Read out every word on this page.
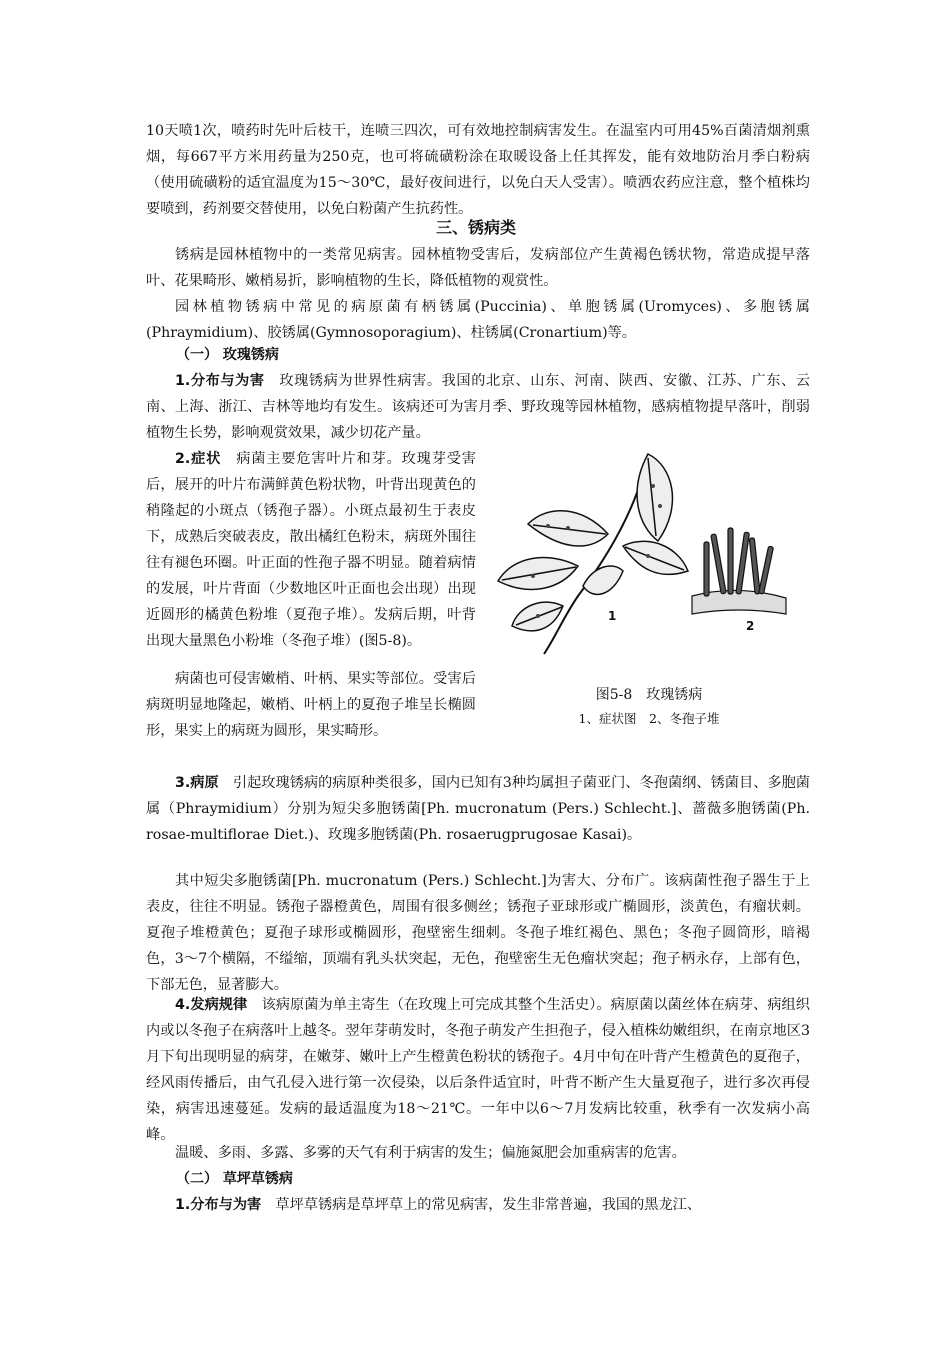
10天喷1次，喷药时先叶后枝干，连喷三四次，可有效地控制病害发生。在温室内可用45%百菌清烟剂熏烟，每667平方米用药量为250克，也可将硫磺粉涂在取暖设备上任其挥发，能有效地防治月季白粉病（使用硫磺粉的适宜温度为15～30℃，最好夜间进行，以免白天人受害）。喷洒农药应注意，整个植株均要喷到，药剂要交替使用，以免白粉菌产生抗药性。

三、锈病类

锈病是园林植物中的一类常见病害。园林植物受害后，发病部位产生黄褐色锈状物，常造成提早落叶、花果畸形、嫩梢易折，影响植物的生长，降低植物的观赏性。

园林植物锈病中常见的病原菌有柄锈属(Puccinia)、单胞锈属(Uromyces)、多胞锈属(Phraymidium)、胶锈属(Gymnosoporagium)、柱锈属(Cronartium)等。

（一） 玫瑰锈病

1.分布与为害　 玫瑰锈病为世界性病害。我国的北京、山东、河南、陕西、安徽、江苏、广东、云南、上海、浙江、吉林等地均有发生。该病还可为害月季、野玫瑰等园林植物，感病植物提早落叶，削弱植物生长势，影响观赏效果，减少切花产量。

2.症状　 病菌主要危害叶片和芽。玫瑰芽受害后，展开的叶片布满鲜黄色粉状物，叶背出现黄色的稍隆起的小斑点（锈孢子器）。小斑点最初生于表皮下，成熟后突破表皮，散出橘红色粉末，病斑外围往往有褪色环圈。叶正面的性孢子器不明显。随着病情的发展，叶片背面（少数地区叶正面也会出现）出现近圆形的橘黄色粉堆（夏孢子堆）。发病后期，叶背出现大量黑色小粉堆（冬孢子堆）(图5-8)。

病菌也可侵害嫩梢、叶柄、果实等部位。受害后病斑明显地隆起，嫩梢、叶柄上的夏孢子堆呈长椭圆形，果实上的病斑为圆形，果实畸形。

1
2
图5-8　玫瑰锈病
1、症状图　2、冬孢子堆

3.病原　 引起玫瑰锈病的病原种类很多，国内已知有3种均属担子菌亚门、冬孢菌纲、锈菌目、多胞菌属（Phraymidium）分别为短尖多胞锈菌[Ph. mucronatum (Pers.) Schlecht.]、蔷薇多胞锈菌(Ph. rosae-multiflorae Diet.)、玫瑰多胞锈菌(Ph. rosaerugprugosae Kasai)。

其中短尖多胞锈菌[Ph. mucronatum (Pers.) Schlecht.]为害大、分布广。该病菌性孢子器生于上表皮，往往不明显。锈孢子器橙黄色，周围有很多侧丝；锈孢子亚球形或广椭圆形，淡黄色，有瘤状刺。夏孢子堆橙黄色；夏孢子球形或椭圆形，孢壁密生细刺。冬孢子堆红褐色、黑色；冬孢子圆筒形，暗褐色，3～7个横隔，不缢缩，顶端有乳头状突起，无色，孢壁密生无色瘤状突起；孢子柄永存，上部有色，下部无色，显著膨大。

4.发病规律　 该病原菌为单主寄生（在玫瑰上可完成其整个生活史）。病原菌以菌丝体在病芽、病组织内或以冬孢子在病落叶上越冬。翌年芽萌发时，冬孢子萌发产生担孢子，侵入植株幼嫩组织，在南京地区3月下旬出现明显的病芽，在嫩芽、嫩叶上产生橙黄色粉状的锈孢子。4月中旬在叶背产生橙黄色的夏孢子，经风雨传播后，由气孔侵入进行第一次侵染，以后条件适宜时，叶背不断产生大量夏孢子，进行多次再侵染，病害迅速蔓延。发病的最适温度为18～21℃。一年中以6～7月发病比较重，秋季有一次发病小高峰。

温暖、多雨、多露、多雾的天气有利于病害的发生；偏施氮肥会加重病害的危害。

（二） 草坪草锈病

1.分布与为害　 草坪草锈病是草坪草上的常见病害，发生非常普遍，我国的黑龙江、
